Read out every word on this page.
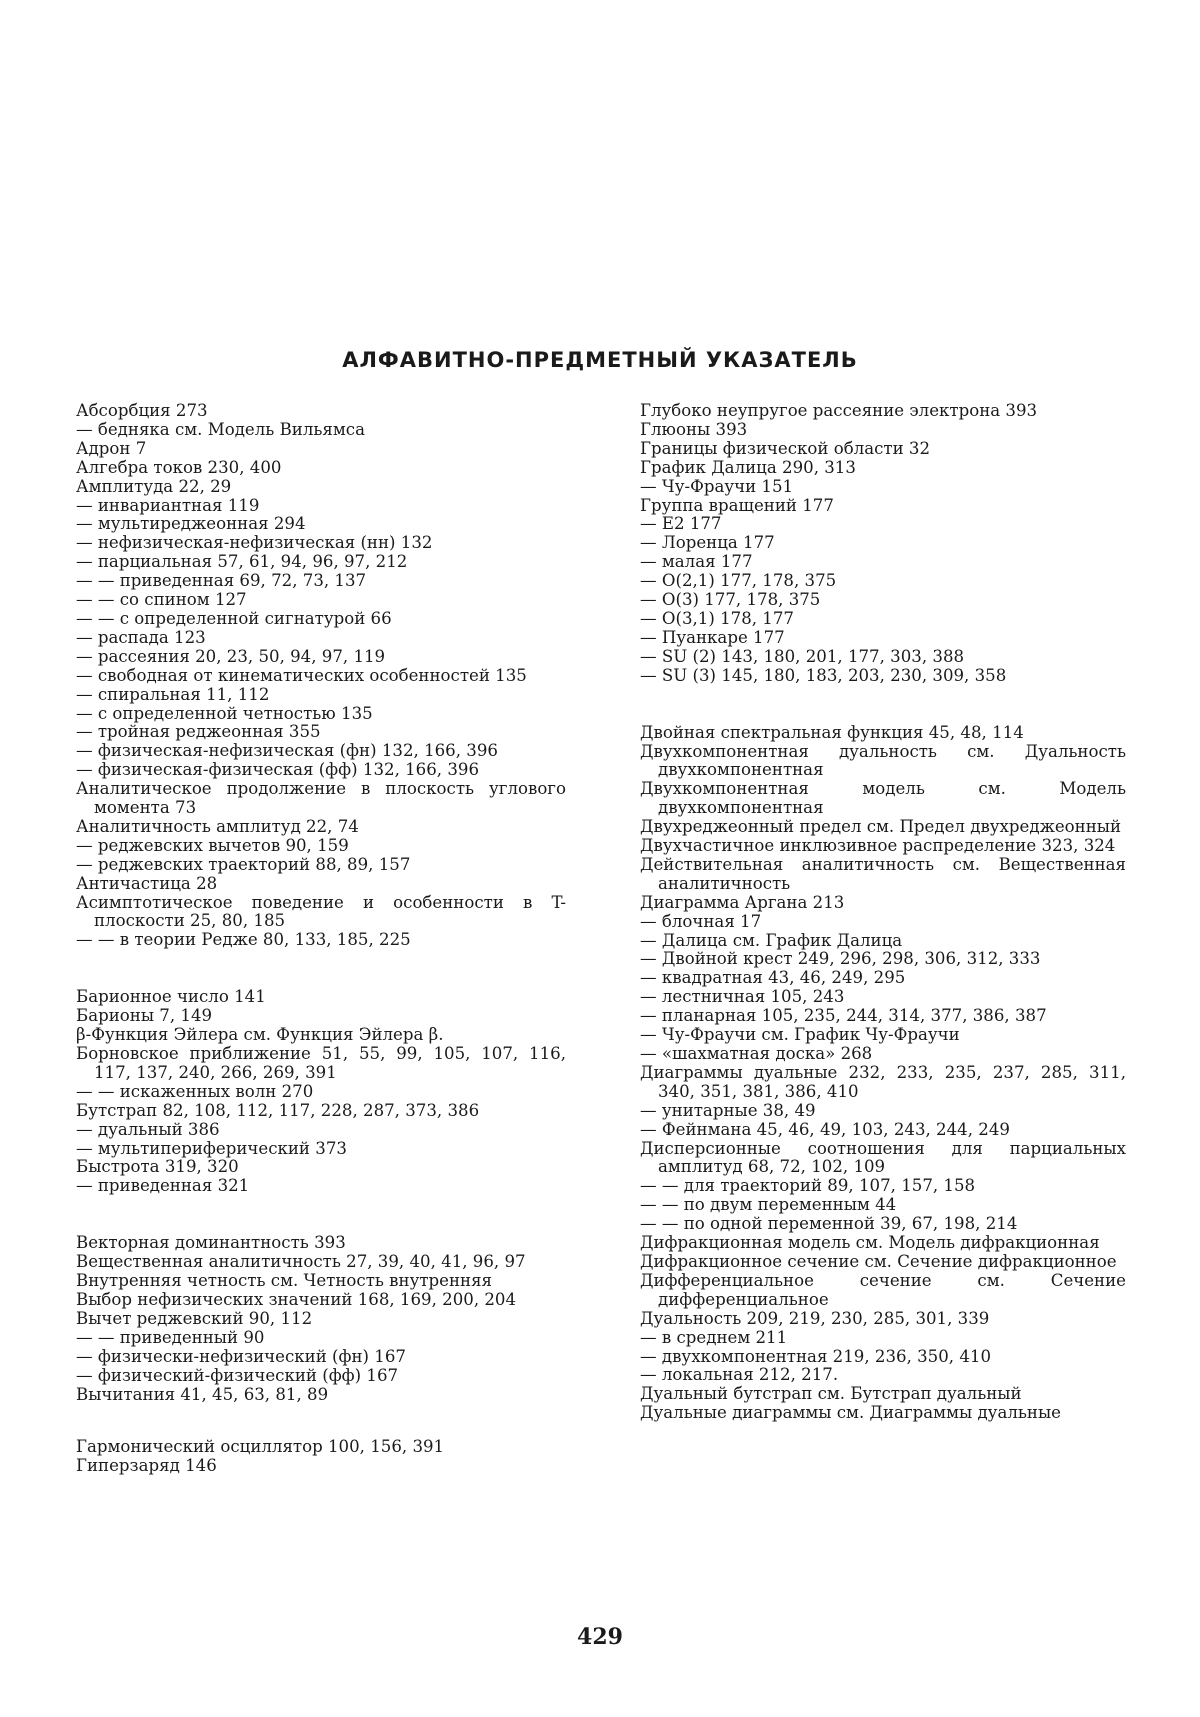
АЛФАВИТНО-ПРЕДМЕТНЫЙ УКАЗАТЕЛЬ
Абсорбция 273
— бедняка см. Модель Вильямса
Адрон 7
Алгебра токов 230, 400
Амплитуда 22, 29
— инвариантная 119
— мультиреджеонная 294
— нефизическая-нефизическая (нн) 132
— парциальная 57, 61, 94, 96, 97, 212
— — приведенная 69, 72, 73, 137
— — со спином 127
— — с определенной сигнатурой 66
— распада 123
— рассеяния 20, 23, 50, 94, 97, 119
— свободная от кинематических особенностей 135
— спиральная 11, 112
— с определенной четностью 135
— тройная реджеонная 355
— физическая-нефизическая (фн) 132, 166, 396
— физическая-физическая (фф) 132, 166, 396
Аналитическое продолжение в плоскость углового момента 73
Аналитичность амплитуд 22, 74
— реджевских вычетов 90, 159
— реджевских траекторий 88, 89, 157
Античастица 28
Асимптотическое поведение и особенности в T-плоскости 25, 80, 185
— — в теории Редже 80, 133, 185, 225
Барионное число 141
Барионы 7, 149
β-Функция Эйлера см. Функция Эйлера β.
Борновское приближение 51, 55, 99, 105, 107, 116, 117, 137, 240, 266, 269, 391
— — искаженных волн 270
Бутстрап 82, 108, 112, 117, 228, 287, 373, 386
— дуальный 386
— мультипериферический 373
Быстрота 319, 320
— приведенная 321
Векторная доминантность 393
Вещественная аналитичность 27, 39, 40, 41, 96, 97
Внутренняя четность см. Четность внутренняя
Выбор нефизических значений 168, 169, 200, 204
Вычет реджевский 90, 112
— — приведенный 90
— физически-нефизический (фн) 167
— физический-физический (фф) 167
Вычитания 41, 45, 63, 81, 89
Гармонический осциллятор 100, 156, 391
Гиперзаряд 146
Глубоко неупругое рассеяние электрона 393
Глюоны 393
Границы физической области 32
График Далица 290, 313
— Чу-Фраучи 151
Группа вращений 177
— E2 177
— Лоренца 177
— малая 177
— O(2,1) 177, 178, 375
— O(3) 177, 178, 375
— O(3,1) 178, 177
— Пуанкаре 177
— SU (2) 143, 180, 201, 177, 303, 388
— SU (3) 145, 180, 183, 203, 230, 309, 358
Двойная спектральная функция 45, 48, 114
Двухкомпонентная дуальность см. Дуальность двухкомпонентная
Двухкомпонентная модель см. Модель двухкомпонентная
Двухреджеонный предел см. Предел двухреджеонный
Двухчастичное инклюзивное распределение 323, 324
Действительная аналитичность см. Вещественная аналитичность
Диаграмма Аргана 213
— блочная 17
— Далица см. График Далица
— Двойной крест 249, 296, 298, 306, 312, 333
— квадратная 43, 46, 249, 295
— лестничная 105, 243
— планарная 105, 235, 244, 314, 377, 386, 387
— Чу-Фраучи см. График Чу-Фраучи
— «шахматная доска» 268
Диаграммы дуальные 232, 233, 235, 237, 285, 311, 340, 351, 381, 386, 410
— унитарные 38, 49
— Фейнмана 45, 46, 49, 103, 243, 244, 249
Дисперсионные соотношения для парциальных амплитуд 68, 72, 102, 109
— — для траекторий 89, 107, 157, 158
— — по двум переменным 44
— — по одной переменной 39, 67, 198, 214
Дифракционная модель см. Модель дифракционная
Дифракционное сечение см. Сечение дифракционное
Дифференциальное сечение см. Сечение дифференциальное
Дуальность 209, 219, 230, 285, 301, 339
— в среднем 211
— двухкомпонентная 219, 236, 350, 410
— локальная 212, 217.
Дуальный бутстрап см. Бутстрап дуальный
Дуальные диаграммы см. Диаграммы дуальные
429
